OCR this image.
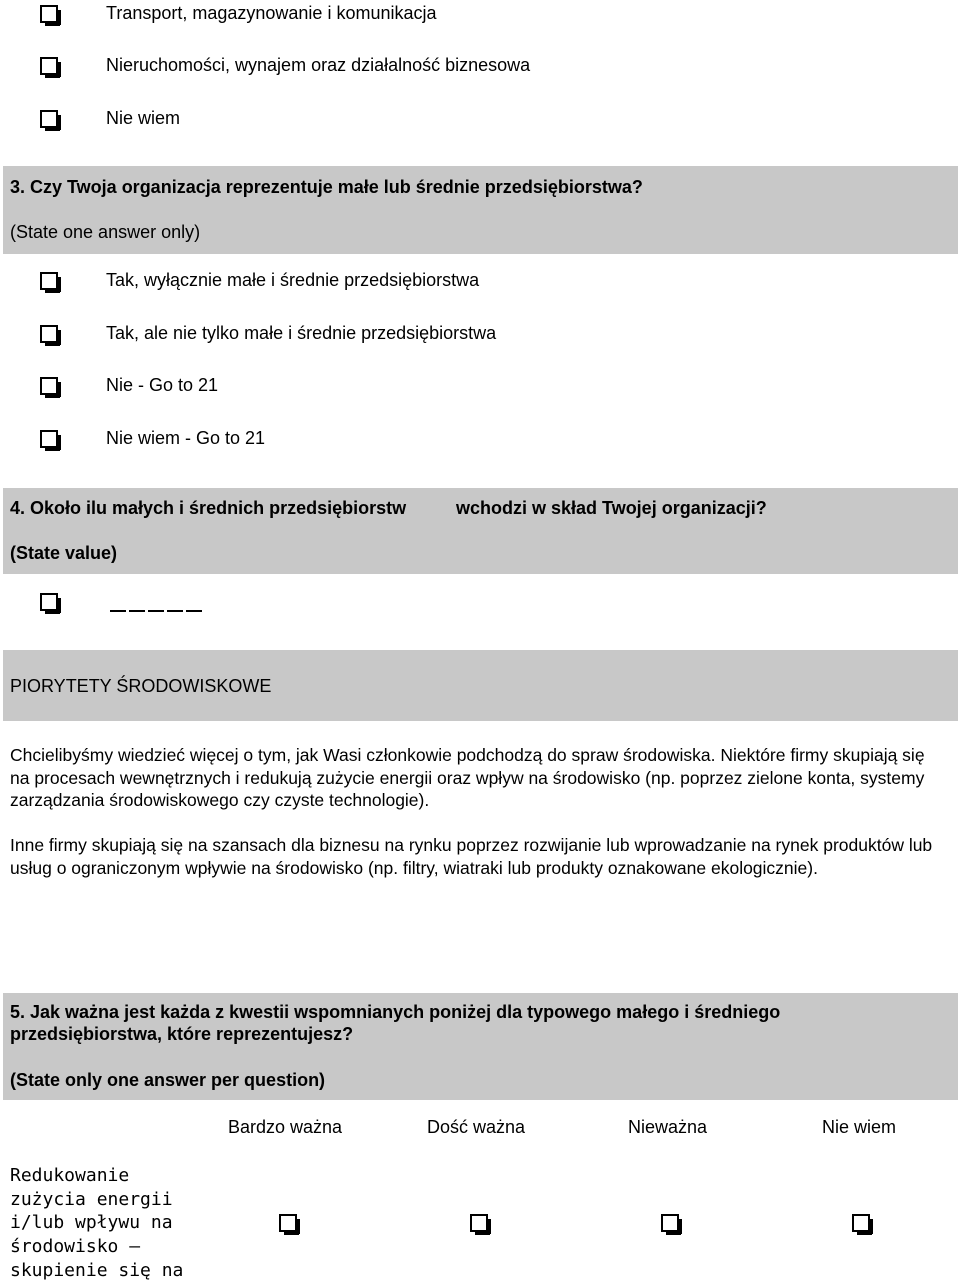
Transport, magazynowanie i komunikacja
Nieruchomości, wynajem oraz działalność biznesowa
Nie wiem
3. Czy Twoja organizacja reprezentuje małe lub średnie przedsiębiorstwa?
(State one answer only)
Tak, wyłącznie małe i średnie przedsiębiorstwa
Tak, ale nie tylko małe i średnie przedsiębiorstwa
Nie - Go to 21
Nie wiem - Go to 21
4. Około ilu małych i średnich przedsiębiorstw	wchodzi w skład Twojej organizacji?
(State value)
PIORYTETY ŚRODOWISKOWE
Chcielibyśmy wiedzieć więcej o tym, jak Wasi członkowie podchodzą do spraw środowiska. Niektóre firmy skupiają się na procesach wewnętrznych i redukują zużycie energii oraz wpływ na środowisko (np. poprzez zielone konta, systemy zarządzania środowiskowego czy czyste technologie).
Inne firmy skupiają się na szansach dla biznesu na rynku poprzez rozwijanie lub wprowadzanie na rynek produktów lub usług o ograniczonym wpływie na środowisko (np. filtry, wiatraki lub produkty oznakowane ekologicznie).
5. Jak ważna jest każda z kwestii wspomnianych poniżej dla typowego małego i średniego
przedsiębiorstwa, które reprezentujesz?
(State only one answer per question)
Bardzo ważna	Dość ważna	Nieważna	Nie wiem
Redukowanie
zużycia energii
i/lub wpływu na
środowisko –
skupienie się na
